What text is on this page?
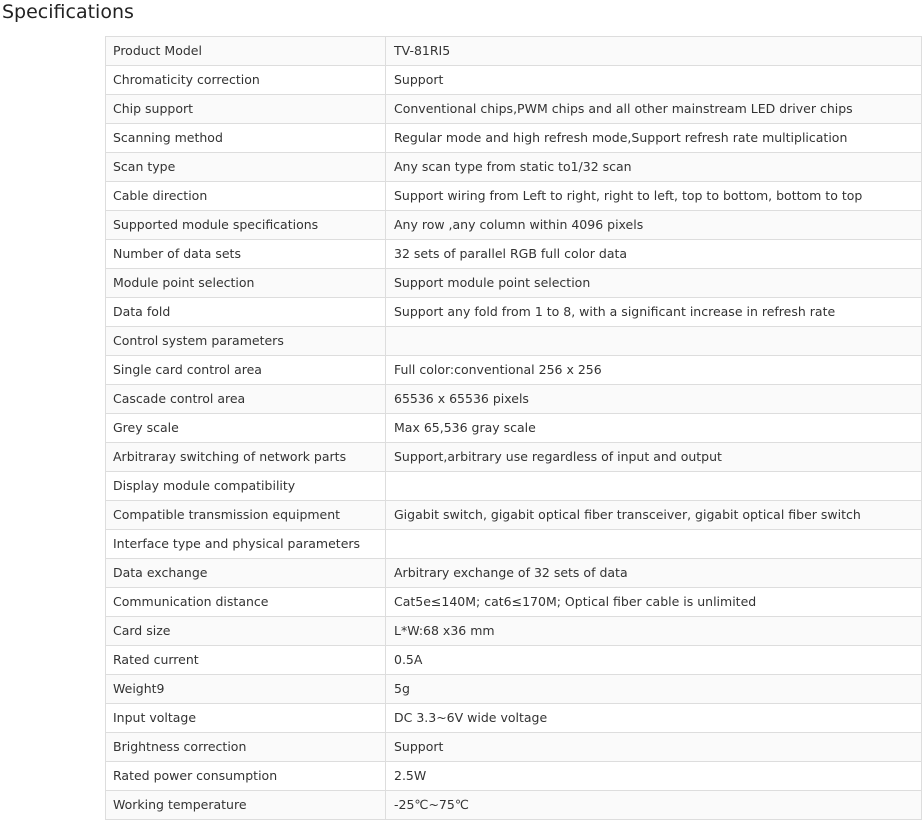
Specifications
Product Model	TV-81RI5
Chromaticity correction	Support
Chip support	Conventional chips,PWM chips and all other mainstream LED driver chips
Scanning method	Regular mode and high refresh mode,Support refresh rate multiplication
Scan type	Any scan type from static to1/32 scan
Cable direction	Support wiring from Left to right, right to left, top to bottom, bottom to top
Supported module specifications	Any row ,any column within 4096 pixels
Number of data sets	32 sets of parallel RGB full color data
Module point selection	Support module point selection
Data fold	Support any fold from 1 to 8, with a significant increase in refresh rate
Control system parameters	
Single card control area	Full color:conventional 256 x 256
Cascade control area	65536 x 65536 pixels
Grey scale	Max 65,536 gray scale
Arbitraray switching of network parts	Support,arbitrary use regardless of input and output
Display module compatibility	
Compatible transmission equipment	Gigabit switch, gigabit optical fiber transceiver, gigabit optical fiber switch
Interface type and physical parameters	
Data exchange	Arbitrary exchange of 32 sets of data
Communication distance	Cat5e≤140M; cat6≤170M; Optical fiber cable is unlimited
Card size	L*W:68 x36 mm
Rated current	0.5A
Weight9	5g
Input voltage	DC 3.3~6V wide voltage
Brightness correction	Support
Rated power consumption	2.5W
Working temperature	-25℃~75℃
